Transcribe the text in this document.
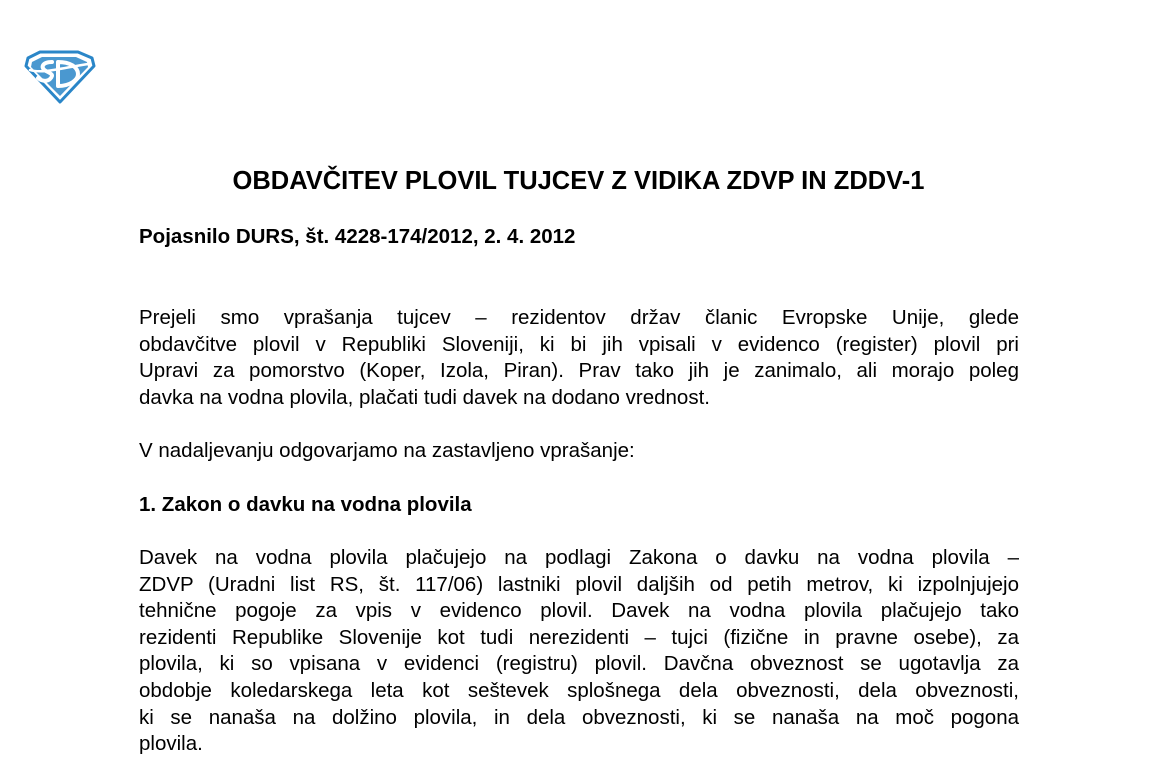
OBDAVČITEV PLOVIL TUJCEV Z VIDIKA ZDVP IN ZDDV-1

Pojasnilo DURS, št. 4228-174/2012, 2. 4. 2012

Prejeli smo vprašanja tujcev – rezidentov držav članic Evropske Unije, glede
obdavčitve plovil v Republiki Sloveniji, ki bi jih vpisali v evidenco (register) plovil pri
Upravi za pomorstvo (Koper, Izola, Piran). Prav tako jih je zanimalo, ali morajo poleg
davka na vodna plovila, plačati tudi davek na dodano vrednost.

V nadaljevanju odgovarjamo na zastavljeno vprašanje:

1. Zakon o davku na vodna plovila

Davek na vodna plovila plačujejo na podlagi Zakona o davku na vodna plovila –
ZDVP (Uradni list RS, št. 117/06) lastniki plovil daljših od petih metrov, ki izpolnjujejo
tehnične pogoje za vpis v evidenco plovil. Davek na vodna plovila plačujejo tako
rezidenti Republike Slovenije kot tudi nerezidenti – tujci (fizične in pravne osebe), za
plovila, ki so vpisana v evidenci (registru) plovil. Davčna obveznost se ugotavlja za
obdobje koledarskega leta kot seštevek splošnega dela obveznosti, dela obveznosti,
ki se nanaša na dolžino plovila, in dela obveznosti, ki se nanaša na moč pogona
plovila.
